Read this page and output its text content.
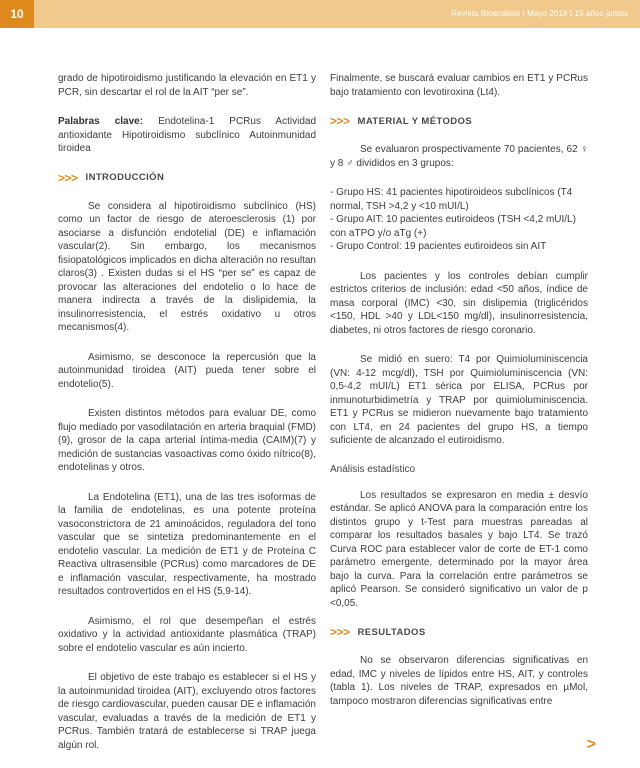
10	Revista Bioanálisis I Mayo 2018 I 15 años juntos

grado de hipotiroidismo justificando la elevación en ET1 y PCR, sin descartar el rol de la AIT “per se”.

Palabras clave: Endotelina-1 PCRus Actividad antioxidante Hipotiroidismo subclínico Autoinmunidad tiroidea

>>> INTRODUCCIÓN

Se considera al hipotiroidismo subclínico (HS) como un factor de riesgo de ateroesclerosis (1) por asociarse a disfunción endotelial (DE) e inflamación vascular(2). Sin embargo, los mecanismos fisiopatológicos implicados en dicha alteración no resultan claros(3) . Existen dudas si el HS “per se” es capaz de provocar las alteraciones del endotelio o lo hace de manera indirecta a través de la dislipidemia, la insulinorresistencia, el estrés oxidativo u otros mecanismos(4).

Asimismo, se desconoce la repercusión que la autoinmunidad tiroidea (AIT) pueda tener sobre el endotelio(5).

Existen distintos métodos para evaluar DE, como flujo mediado por vasodilatación en arteria braquial (FMD)(9), grosor de la capa arterial íntima-media (CAIM)(7) y medición de sustancias vasoactivas como óxido nítrico(8), endotelinas y otros.

La Endotelina (ET1), una de las tres isoformas de la familia de endotelinas, es una potente proteína vasoconstrictora de 21 aminoácidos, reguladora del tono vascular que se sintetiza predominantemente en el endotelio vascular. La medición de ET1 y de Proteína C Reactiva ultrasensible (PCRus) como marcadores de DE e inflamación vascular, respectivamente, ha mostrado resultados controvertidos en el HS (5,9-14).

Asimismo, el rol que desempeñan el estrés oxidativo y la actividad antioxidante plasmática (TRAP) sobre el endotelio vascular es aún incierto.

El objetivo de este trabajo es establecer si el HS y la autoinmunidad tiroidea (AIT), excluyendo otros factores de riesgo cardiovascular, pueden causar DE e inflamación vascular, evaluadas a través de la medición de ET1 y PCRus. También tratará de establecerse si TRAP juega algún rol.

Finalmente, se buscará evaluar cambios en ET1 y PCRus bajo tratamiento con levotiroxina (Lt4).

>>> MATERIAL Y MÉTODOS

Se evaluaron prospectivamente 70 pacientes, 62 ♀ y 8 ♂ divididos en 3 grupos:

- Grupo HS: 41 pacientes hipotiroideos subclínicos (T4 normal, TSH >4,2 y <10 mUI/L)

- Grupo AIT: 10 pacientes eutiroideos (TSH <4,2 mUI/L) con aTPO y/o aTg (+)

- Grupo Control: 19 pacientes eutiroideos sin AIT

Los pacientes y los controles debían cumplir estrictos criterios de inclusión: edad <50 años, índice de masa corporal (IMC) <30, sin dislipemia (triglicéridos <150, HDL >40 y LDL<150 mg/dl), insulinorresistencia, diabetes, ni otros factores de riesgo coronario.

Se midió en suero: T4 por Quimioluminiscencia (VN: 4-12 mcg/dl), TSH por Quimioluminiscencia (VN: 0,5-4,2 mUI/L) ET1 sérica por ELISA, PCRus por inmunoturbidimetría y TRAP por quimioluminiscencia. ET1 y PCRus se midieron nuevamente bajo tratamiento con LT4, en 24 pacientes del grupo HS, a tiempo suficiente de alcanzado el eutiroidismo.

Análisis estadístico

Los resultados se expresaron en media ± desvío estándar. Se aplicó ANOVA para la comparación entre los distintos grupo y t-Test para muestras pareadas al comparar los resultados basales y bajo LT4. Se trazó Curva ROC para establecer valor de corte de ET-1 como parámetro emergente, determinado por la mayor área bajo la curva. Para la correlación entre parámetros se aplicó Pearson. Se consideró significativo un valor de p <0,05.

>>> RESULTADOS

No se observaron diferencias significativas en edad, IMC y niveles de lípidos entre HS, AIT, y controles (tabla 1). Los niveles de TRAP, expresados en µMol, tampoco mostraron diferencias significativas entre

>
